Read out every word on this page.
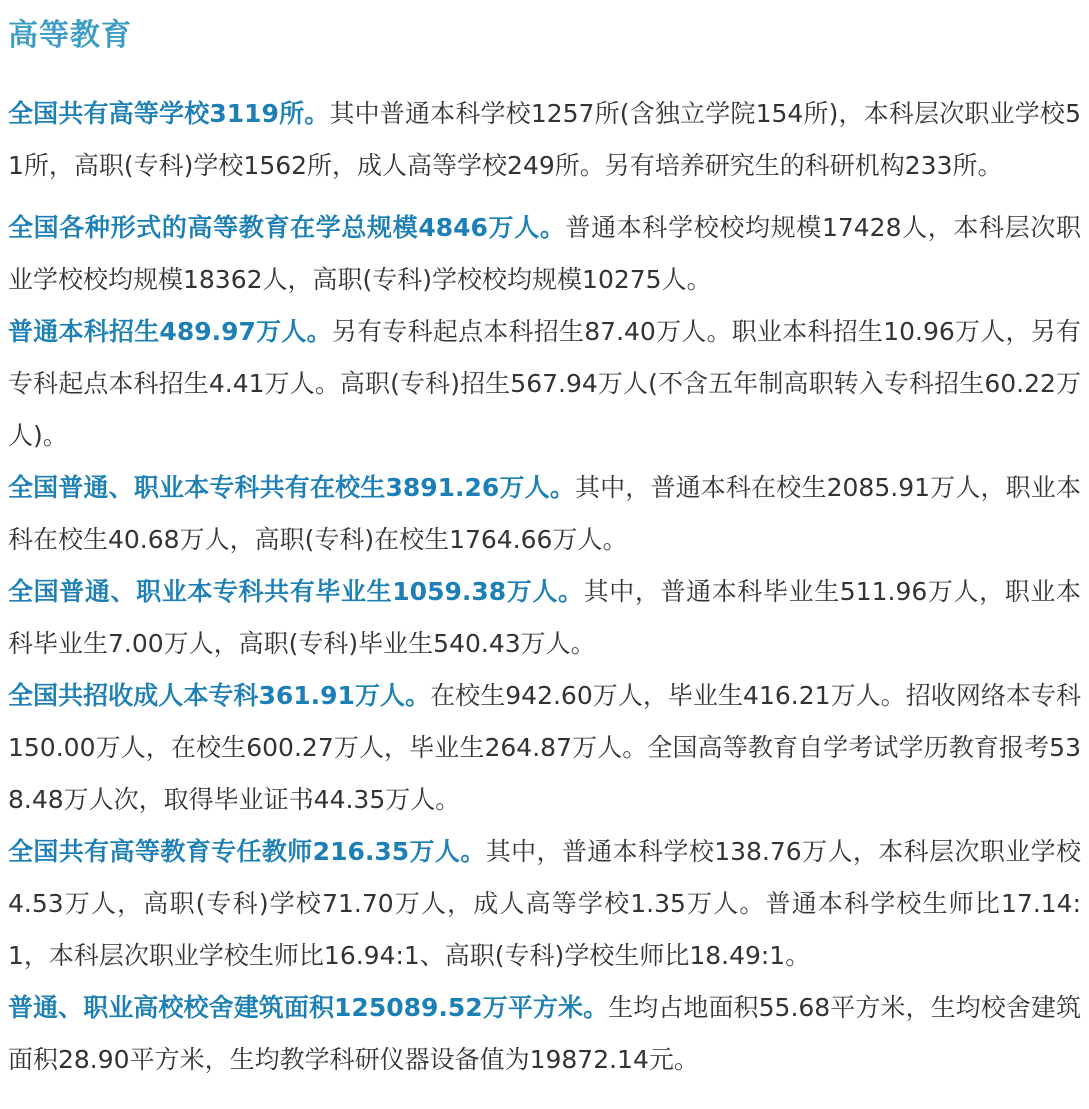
高等教育

全国共有高等学校3119所。其中普通本科学校1257所(含独立学院154所)，本科层次职业学校51所，高职(专科)学校1562所，成人高等学校249所。另有培养研究生的科研机构233所。

全国各种形式的高等教育在学总规模4846万人。普通本科学校校均规模17428人，本科层次职业学校校均规模18362人，高职(专科)学校校均规模10275人。

普通本科招生489.97万人。另有专科起点本科招生87.40万人。职业本科招生10.96万人，另有专科起点本科招生4.41万人。高职(专科)招生567.94万人(不含五年制高职转入专科招生60.22万人)。

全国普通、职业本专科共有在校生3891.26万人。其中，普通本科在校生2085.91万人，职业本科在校生40.68万人，高职(专科)在校生1764.66万人。

全国普通、职业本专科共有毕业生1059.38万人。其中，普通本科毕业生511.96万人，职业本科毕业生7.00万人，高职(专科)毕业生540.43万人。

全国共招收成人本专科361.91万人。在校生942.60万人，毕业生416.21万人。招收网络本专科150.00万人，在校生600.27万人，毕业生264.87万人。全国高等教育自学考试学历教育报考538.48万人次，取得毕业证书44.35万人。

全国共有高等教育专任教师216.35万人。其中，普通本科学校138.76万人，本科层次职业学校4.53万人，高职(专科)学校71.70万人，成人高等学校1.35万人。普通本科学校生师比17.14:1，本科层次职业学校生师比16.94:1、高职(专科)学校生师比18.49:1。

普通、职业高校校舍建筑面积125089.52万平方米。生均占地面积55.68平方米，生均校舍建筑面积28.90平方米，生均教学科研仪器设备值为19872.14元。
